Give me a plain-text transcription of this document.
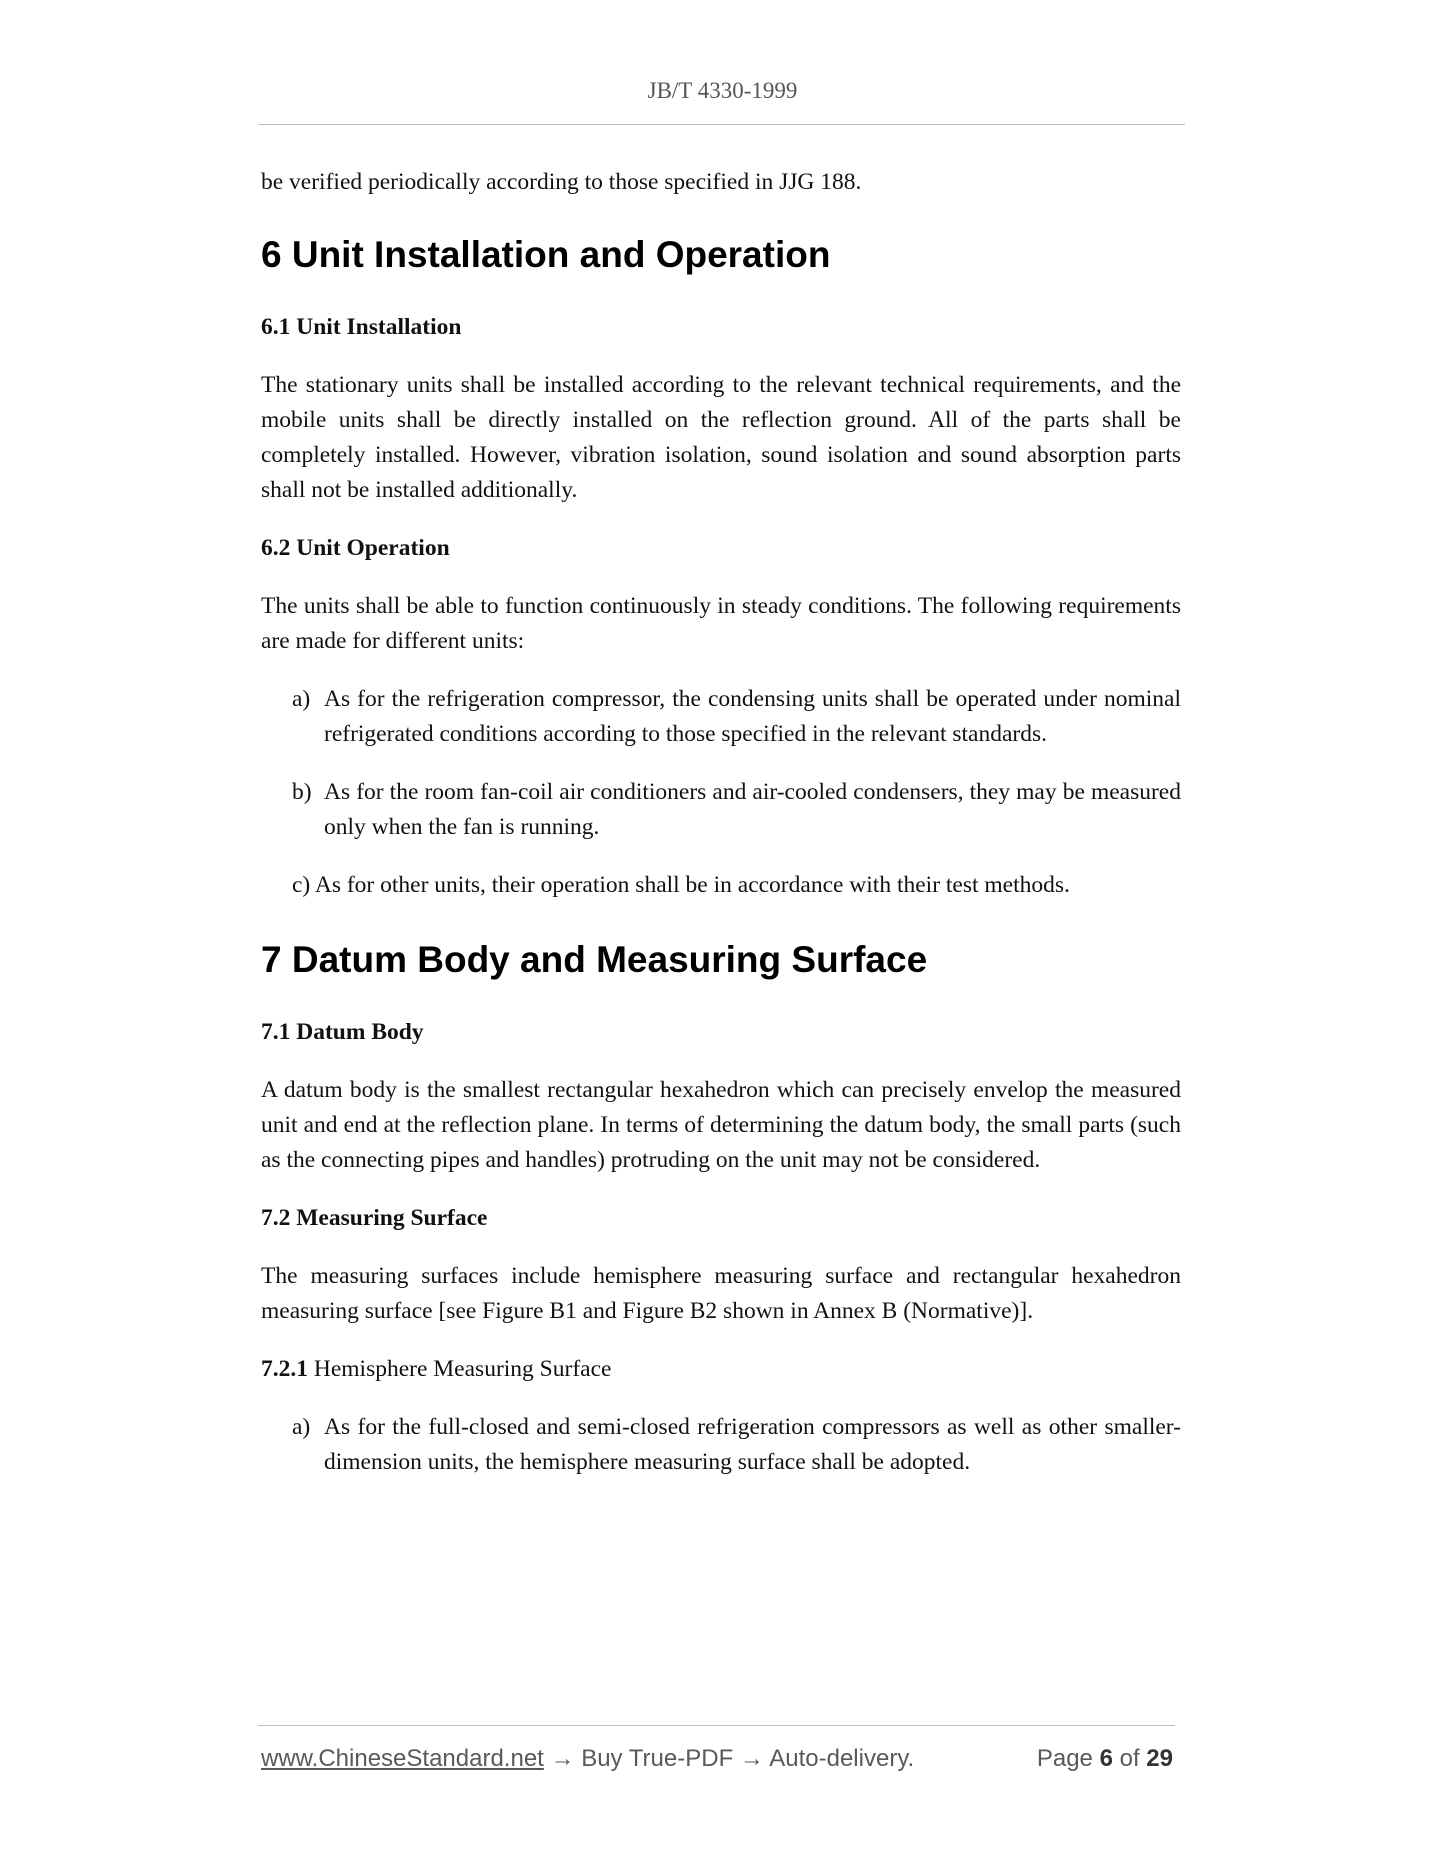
JB/T 4330-1999

be verified periodically according to those specified in JJG 188.

6 Unit Installation and Operation

6.1 Unit Installation

The stationary units shall be installed according to the relevant technical requirements, and the mobile units shall be directly installed on the reflection ground. All of the parts shall be completely installed. However, vibration isolation, sound isolation and sound absorption parts shall not be installed additionally.

6.2 Unit Operation

The units shall be able to function continuously in steady conditions. The following requirements are made for different units:

a) As for the refrigeration compressor, the condensing units shall be operated under nominal refrigerated conditions according to those specified in the relevant standards.
b) As for the room fan-coil air conditioners and air-cooled condensers, they may be measured only when the fan is running.
c) As for other units, their operation shall be in accordance with their test methods.
7 Datum Body and Measuring Surface

7.1 Datum Body

A datum body is the smallest rectangular hexahedron which can precisely envelop the measured unit and end at the reflection plane. In terms of determining the datum body, the small parts (such as the connecting pipes and handles) protruding on the unit may not be considered.

7.2 Measuring Surface

The measuring surfaces include hemisphere measuring surface and rectangular hexahedron measuring surface [see Figure B1 and Figure B2 shown in Annex B (Normative)].

7.2.1 Hemisphere Measuring Surface

a) As for the full-closed and semi-closed refrigeration compressors as well as other smaller-dimension units, the hemisphere measuring surface shall be adopted.
www.ChineseStandard.net → Buy True-PDF → Auto-delivery.	Page 6 of 29
